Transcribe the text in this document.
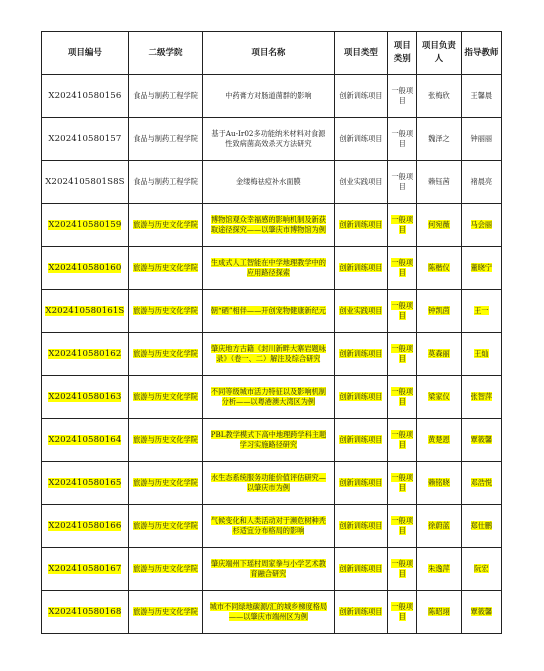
项目编号	二级学院	项目名称	项目类型	项目类别	项目负责人	指导教师
X202410580156	食品与制药工程学院	中药膏方对肠道菌群的影响	创新训练项目	一般项目	张梅欣	王馨晨
X202410580157	食品与制药工程学院	基于Au-Ir02多功能纳米材料对食源性致病菌高效杀灭方法研究	创新训练项目	一般项目	魏泽之	钟丽丽
X2024105801S8S	食品与制药工程学院	金缕梅祛痘补水面膜	创业实践项目	一般项目	赖钰茜	褚晨亮
X202410580159	旅游与历史文化学院	博物馆观众幸福感的影响机制及新获取途径探究——以肇庆市博物馆为例	创新训练项目	一般项目	何宛薇	马会丽
X202410580160	旅游与历史文化学院	生成式人工智能在中学地理教学中的应用路径探索	创新训练项目	一般项目	陈楷仪	董晓宁
X202410580161S	旅游与历史文化学院	朝“硒”相伴——开创宠物健康新纪元	创业实践项目	一般项目	钟凯茵	王一
X202410580162	旅游与历史文化学院	肇庆地方古籍《封川新畔大寨岩题咏录》（卷一、二）解注及综合研究	创新训练项目	一般项目	莫森丽	王灿
X202410580163	旅游与历史文化学院	不同等级城市活力特征以及影响机制分析——以粤港澳大湾区为例	创新训练项目	一般项目	梁家仪	张智萍
X202410580164	旅游与历史文化学院	PBL教学模式下高中地理跨学科主题学习实施路径研究	创新训练项目	一般项目	黄楚恩	覃筱馨
X202410580165	旅游与历史文化学院	水生态系统服务功能价值评估研究—以肇庆市为例	创新训练项目	一般项目	赖铭晓	邓浩悦
X202410580166	旅游与历史文化学院	气候变化和人类活动对于濒危树种秃杉适宜分布格局的影响	创新训练项目	一般项目	徐蔚蓝	郑仕鹏
X202410580167	旅游与历史文化学院	肇庆端州下瑶村周家拳与小学艺术教育融合研究	创新训练项目	一般项目	朱逸萍	阮宏
X202410580168	旅游与历史文化学院	城市不同绿地碳源/汇的城乡梯度格局——以肇庆市端州区为例	创新训练项目	一般项目	陈昭翊	覃筱馨
